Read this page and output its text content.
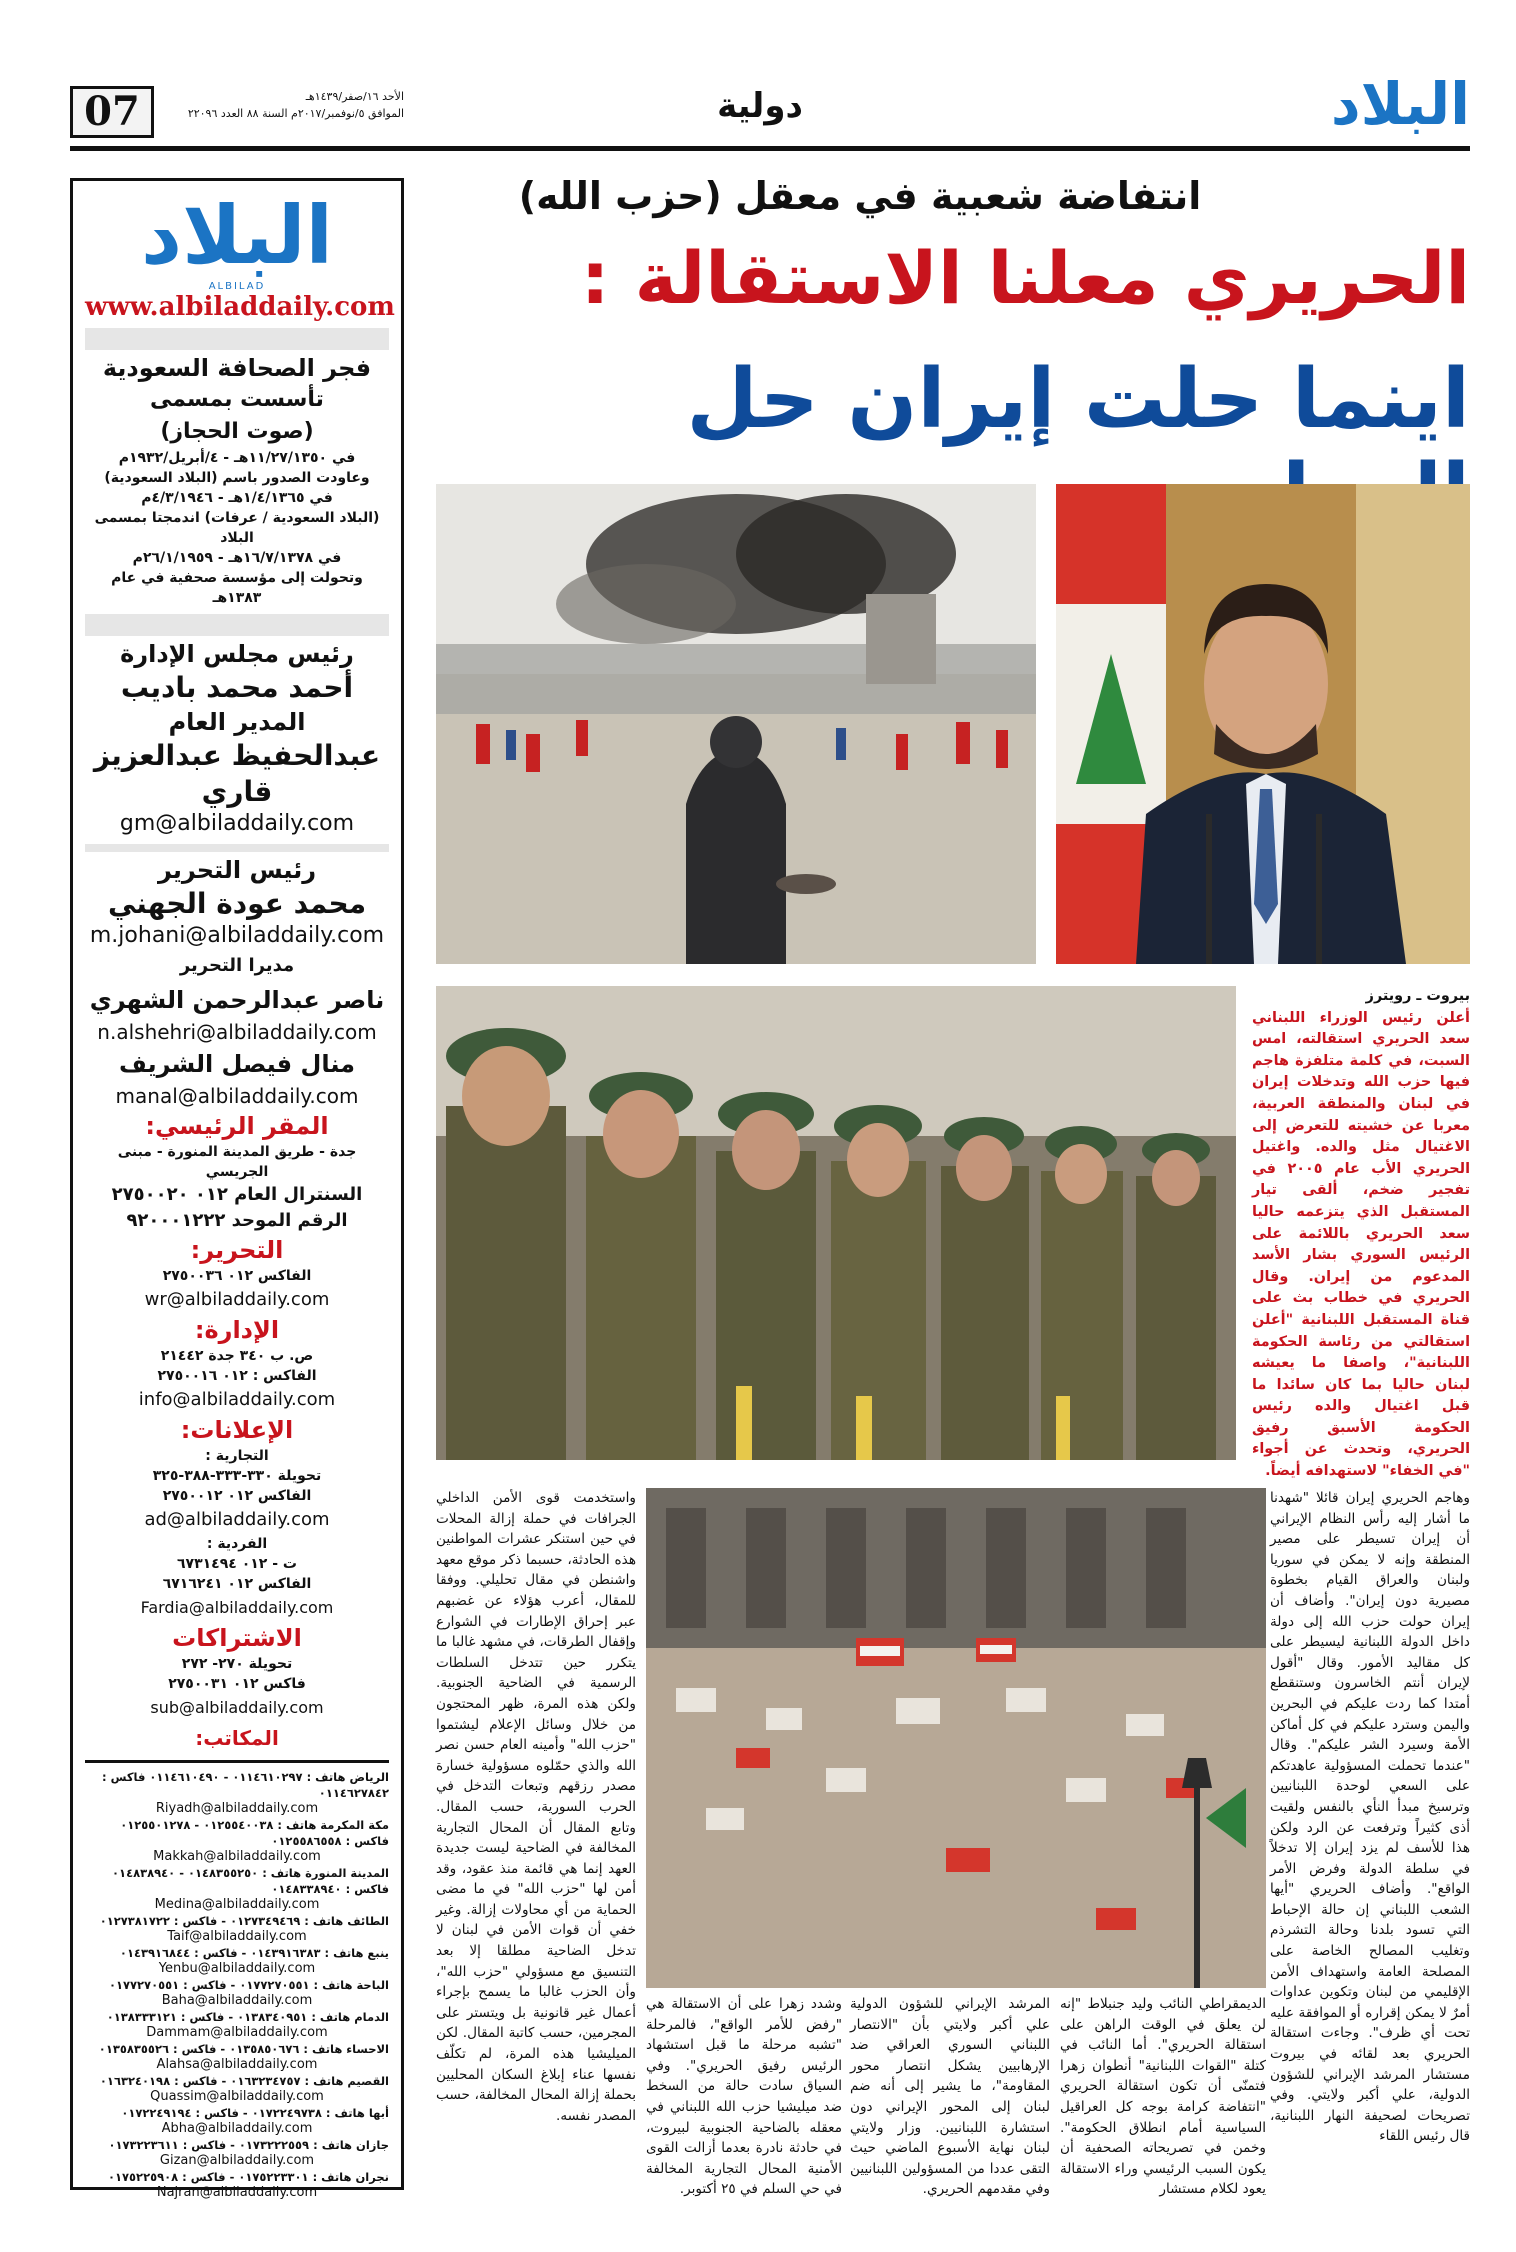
07	الأحد ١٦/صفر/١٤٣٩هـ
الموافق ٥/نوفمبر/٢٠١٧م السنة ٨٨ العدد ٢٢٠٩٦	دولية	البلاد
انتفاضة شعبية في معقل (حزب الله)
الحريري معلنا الاستقالة :
اينما حلت إيران حل
بيروت ـ رويترز
أعلن رئيس الوزراء اللبناني سعد الحريري استقالته، امس السبت، في كلمة متلفزة هاجم فيها حزب الله وتدخلات إيران في لبنان والمنطقة العربية، معربا عن خشيته للتعرض إلى الاغتيال مثل والده. واغتيل الحريري الأب عام ٢٠٠٥ في تفجير ضخم، ألقى تيار المستقبل الذي يتزعمه حاليا سعد الحريري باللائمة على الرئيس السوري بشار الأسد المدعوم من إيران. وقال الحريري في خطاب بث على قناة المستقبل اللبنانية "أعلن استقالتي من رئاسة الحكومة اللبنانية"، واصفا ما يعيشه لبنان حاليا بما كان سائدا ما قبل اغتيال والده رئيس الحكومة الأسبق رفيق الحريري، وتحدث عن أجواء "في الخفاء" لاستهدافه أيضاً.
وهاجم الحريري إيران قائلا "شهدنا ما أشار إليه رأس النظام الإيراني أن إيران تسيطر على مصير المنطقة وإنه لا يمكن في سوريا ولبنان والعراق القيام بخطوة مصيرية دون إيران". وأضاف أن إيران حولت حزب الله إلى دولة داخل الدولة اللبنانية ليسيطر على كل مقاليد الأمور. وقال "أقول لإيران أنتم الخاسرون وستنقطع أمتدا كما ردت عليكم في البحرين واليمن وسترد عليكم في كل أماكن الأمة وسيرد الشر عليكم". وقال "عندما تحملت المسؤولية عاهدتكم على السعي لوحدة اللبنانيين وترسيخ مبدأ النأي بالنفس ولقيت أذى كثيراً وترفعت عن الرد ولكن هذا للأسف لم يزد إيران إلا تدخلاً في سلطة الدولة وفرض الأمر الواقع". وأضاف الحريري "أيها الشعب اللبناني إن حالة الإحباط التي تسود بلدنا وحالة التشرذم وتغليب المصالح الخاصة على المصلحة العامة واستهداف الأمن الإقليمي من لبنان وتكوين عداوات أمرٌ لا يمكن إقراره أو الموافقة عليه تحت أي ظرف". وجاءت استقالة الحريري بعد لقائه في بيروت مستشار المرشد الإيراني للشؤون الدولية، علي أكبر ولايتي. وفي تصريحات لصحيفة النهار اللبنانية، قال رئيس اللقاء
الديمقراطي النائب وليد جنبلاط "إنه لن يعلق في الوقت الراهن على استقالة الحريري". أما النائب في كتلة "القوات اللبنانية" أنطوان زهرا فتمنّى أن تكون استقالة الحريري "انتفاضة كرامة بوجه كل العراقيل السياسية أمام انطلاق الحكومة". وخمن في تصريحاته الصحفية أن يكون السبب الرئيسي وراء الاستقالة يعود لكلام مستشار
المرشد الإيراني للشؤون الدولية علي أكبر ولايتي بأن "الانتصار اللبناني السوري العراقي ضد الإرهابيين يشكل انتصار محور المقاومة"، ما يشير إلى أنه ضم لبنان إلى المحور الإيراني دون استشارة اللبنانيين. وزار ولايتي لبنان نهاية الأسبوع الماضي حيث التقى عددا من المسؤولين اللبنانيين وفي مقدمهم الحريري.
وشدد زهرا على أن الاستقالة هي "رفض للأمر الواقع"، فالمرحلة "تشبه مرحلة ما قبل استشهاد الرئيس رفيق الحريري". وفي السياق سادت حالة من السخط ضد ميليشيا حزب الله اللبناني في معقله بالضاحية الجنوبية لبيروت، في حادثة نادرة بعدما أزالت القوى الأمنية المحال التجارية المخالفة في حي السلم في ٢٥ أكتوبر.
واستخدمت قوى الأمن الداخلي الجرافات في حملة إزالة المحلات في حين استنكر عشرات المواطنين هذه الحادثة، حسبما ذكر موقع معهد واشنطن في مقال تحليلي. ووفقا للمقال، أعرب هؤلاء عن غضبهم عبر إحراق الإطارات في الشوارع وإقفال الطرقات، في مشهد غالبا ما يتكرر حين تتدخل السلطات الرسمية في الضاحية الجنوبية. ولكن هذه المرة، ظهر المحتجون من خلال وسائل الإعلام ليشتموا "حزب الله" وأمينه العام حسن نصر الله والذي حمّلوه مسؤولية خسارة مصدر رزقهم وتبعات التدخل في الحرب السورية، حسب المقال. وتابع المقال أن المحال التجارية المخالفة في الضاحية ليست جديدة العهد إنما هي قائمة منذ عقود، وقد أمن لها "حزب الله" في ما مضى الحماية من أي محاولات إزالة. وغير خفي أن قوات الأمن في لبنان لا تدخل الضاحية مطلقا إلا بعد التنسيق مع مسؤولي "حزب الله"، وأن الحزب غالبا ما يسمح بإجراء أعمال غير قانونية بل ويتستر على المجرمين، حسب كاتبة المقال. لكن الميليشيا هذه المرة، لم تكلّف نفسها عناء إبلاغ السكان المحليين بحملة إزالة المحال المخالفة، حسب المصدر نفسه.
البلاد
ALBILAD
www.albiladdaily.com
فجر الصحافة السعودية
تأسست بمسمى
(صوت الحجاز)
في ١١/٢٧/١٣٥٠هـ - ٤/أبريل/١٩٣٢م
وعاودت الصدور باسم (البلاد السعودية)
في ١/٤/١٣٦٥هـ - ٤/٣/١٩٤٦م
(البلاد السعودية / عرفات) اندمجتا بمسمى البلاد
في ١٦/٧/١٣٧٨هـ - ٢٦/١/١٩٥٩م
وتحولت إلى مؤسسة صحفية في عام ١٣٨٣هـ
رئيس مجلس الإدارة
أحمد محمد باديب
المدير العام
عبدالحفيظ عبدالعزيز قاري
gm@albiladdaily.com
رئيس التحرير
محمد عودة الجهني
m.johani@albiladdaily.com
مديرا التحرير
ناصر عبدالرحمن الشهري
n.alshehri@albiladdaily.com
منال فيصل الشريف
manal@albiladdaily.com
المقر الرئيسي:
جدة - طريق المدينة المنورة - مبنى الجريسي
السنترال العام ٠١٢ ٢٧٥٠٠٢٠
الرقم الموحد ٩٢٠٠٠١٢٢٢
التحرير:
الفاكس ٠١٢ ٢٧٥٠٠٣٦
wr@albiladdaily.com
الإدارة:
ص. ب ٣٤٠ جدة ٢١٤٤٢
الفاكس : ٠١٢ ٢٧٥٠٠١٦
info@albiladdaily.com
الإعلانات:
التجارية :
تحويلة ٣٣٠-٣٣٣-٣٨٨-٣٢٥
الفاكس ٠١٢ ٢٧٥٠٠١٢
ad@albiladdaily.com
الفردية :
ت - ٠١٢ ٦٧٣١٤٩٤
الفاكس ٠١٢ ٦٧١٦٢٤١
Fardia@albiladdaily.com
الاشتراكات
تحويلة ٢٧٠- ٢٧٢
فاكس ٠١٢ ٢٧٥٠٠٣١
sub@albiladdaily.com
المكاتب:
الرياض هاتف : ٠١١٤٦١٠٢٩٧ - ٠١١٤٦١٠٤٩٠ فاكس : ٠١١٤٦٢٧٨٤٢
Riyadh@albiladdaily.com
مكة المكرمة هاتف : ٠١٢٥٥٤٠٠٣٨ - ٠١٢٥٥٠١٢٧٨ فاكس : ٠١٢٥٥٨٦٥٥٨
Makkah@albiladdaily.com
المدينة المنورة هاتف : ٠١٤٨٣٥٥٢٥٠ - ٠١٤٨٣٨٩٤٠ فاكس : ٠١٤٨٣٣٨٩٤٠
Medina@albiladdaily.com
الطائف هاتف : ٠١٢٧٣٤٩٤٦٩ - فاكس : ٠١٢٧٣٨١٧٢٢
Taif@albiladdaily.com
ينبع هاتف : ٠١٤٣٩١٦٣٨٣ - فاكس : ٠١٤٣٩١٦٨٤٤
Yenbu@albiladdaily.com
الباحة هاتف : ٠١٧٧٢٧٠٥٥١ - فاكس : ٠١٧٧٢٧٠٥٥١
Baha@albiladdaily.com
الدمام هاتف : ٠١٣٨٣٤٠٩٥١ - فاكس : ٠١٣٨٣٣٣١٢١
Dammam@albiladdaily.com
الاحساء هاتف : ٠١٣٥٨٥٠٦٧٦ - فاكس : ٠١٣٥٨٣٥٥٢٦
Alahsa@albiladdaily.com
القصيم هاتف : ٠١٦٣٢٣٤٧٥٧ - فاكس : ٠١٦٣٢٤٠١٩٨
Quassim@albiladdaily.com
أبها هاتف : ٠١٧٢٢٤٩٧٣٨ - فاكس : ٠١٧٢٢٤٩١٩٤
Abha@albiladdaily.com
جازان هاتف : ٠١٧٣٢٢٢٥٥٩ - فاكس : ٠١٧٣٢٢٣٦١١
Gizan@albiladdaily.com
نجران هاتف : ٠١٧٥٢٢٣٣٠١ - فاكس : ٠١٧٥٢٢٥٩٠٨
Najran@albiladdaily.com
